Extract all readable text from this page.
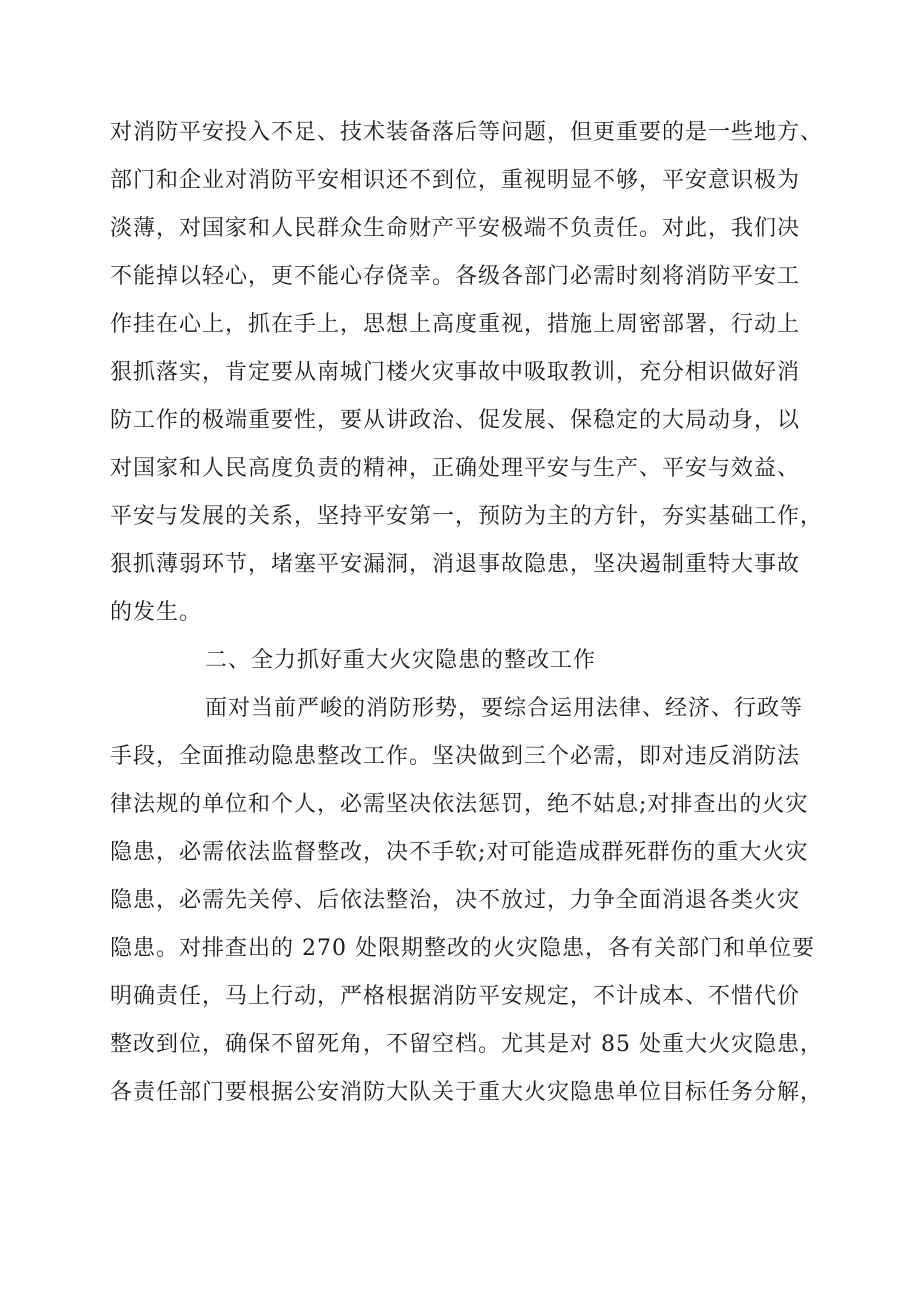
对消防平安投入不足、技术装备落后等问题，但更重要的是一些地方、
部门和企业对消防平安相识还不到位，重视明显不够，平安意识极为
淡薄，对国家和人民群众生命财产平安极端不负责任。对此，我们决
不能掉以轻心，更不能心存侥幸。各级各部门必需时刻将消防平安工
作挂在心上，抓在手上，思想上高度重视，措施上周密部署，行动上
狠抓落实，肯定要从南城门楼火灾事故中吸取教训，充分相识做好消
防工作的极端重要性，要从讲政治、促发展、保稳定的大局动身，以
对国家和人民高度负责的精神，正确处理平安与生产、平安与效益、
平安与发展的关系，坚持平安第一，预防为主的方针，夯实基础工作，
狠抓薄弱环节，堵塞平安漏洞，消退事故隐患，坚决遏制重特大事故
的发生。
二、全力抓好重大火灾隐患的整改工作
面对当前严峻的消防形势，要综合运用法律、经济、行政等
手段，全面推动隐患整改工作。坚决做到三个必需，即对违反消防法
律法规的单位和个人，必需坚决依法惩罚，绝不姑息;对排查出的火灾
隐患，必需依法监督整改，决不手软;对可能造成群死群伤的重大火灾
隐患，必需先关停、后依法整治，决不放过，力争全面消退各类火灾
隐患。对排查出的 270 处限期整改的火灾隐患，各有关部门和单位要
明确责任，马上行动，严格根据消防平安规定，不计成本、不惜代价
整改到位，确保不留死角，不留空档。尤其是对 85 处重大火灾隐患，
各责任部门要根据公安消防大队关于重大火灾隐患单位目标任务分解，
